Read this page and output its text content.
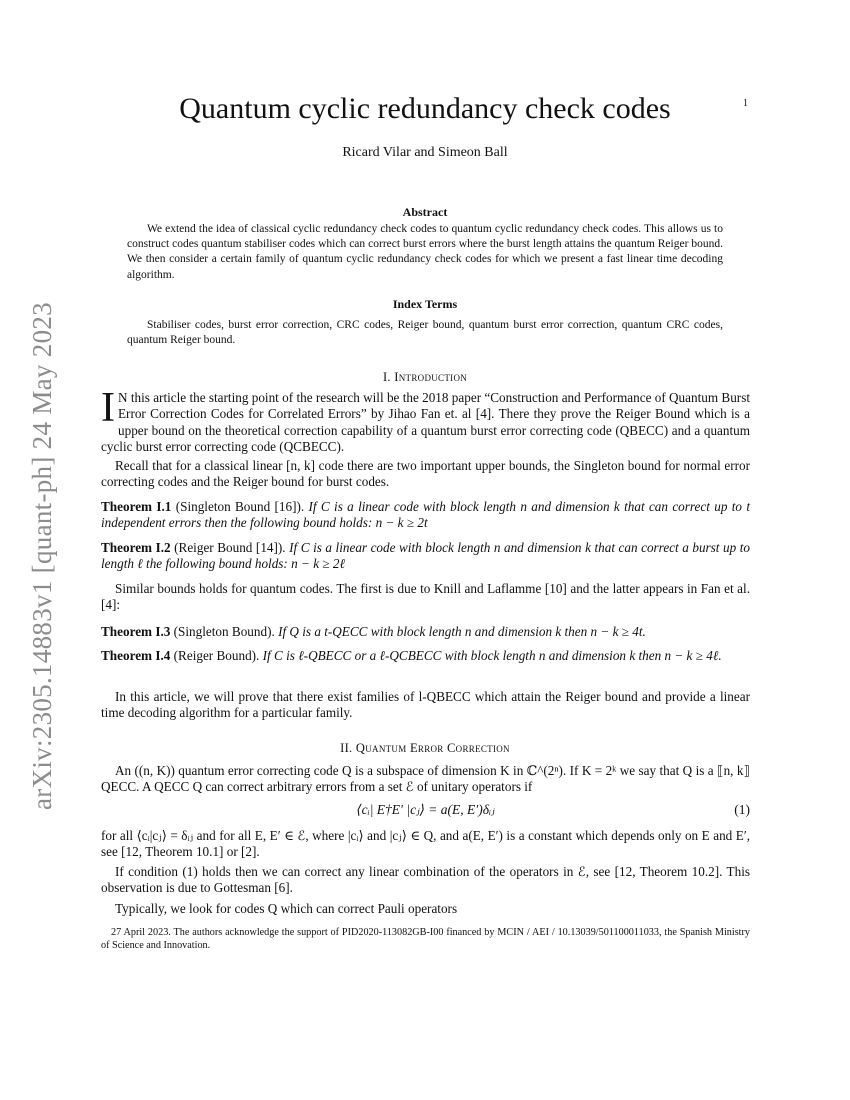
arXiv:2305.14883v1 [quant-ph] 24 May 2023
1
Quantum cyclic redundancy check codes
Ricard Vilar and Simeon Ball
Abstract

We extend the idea of classical cyclic redundancy check codes to quantum cyclic redundancy check codes. This allows us to construct codes quantum stabiliser codes which can correct burst errors where the burst length attains the quantum Reiger bound. We then consider a certain family of quantum cyclic redundancy check codes for which we present a fast linear time decoding algorithm.

Index Terms

Stabiliser codes, burst error correction, CRC codes, Reiger bound, quantum burst error correction, quantum CRC codes, quantum Reiger bound.

I. Introduction

I N this article the starting point of the research will be the 2018 paper “Construction and Performance of Quantum Burst Error Correction Codes for Correlated Errors” by Jihao Fan et. al [4]. There they prove the Reiger Bound which is a upper bound on the theoretical correction capability of a quantum burst error correcting code (QBECC) and a quantum cyclic burst error correcting code (QCBECC).

Recall that for a classical linear [n, k] code there are two important upper bounds, the Singleton bound for normal error correcting codes and the Reiger bound for burst codes.

Theorem I.1 (Singleton Bound [16]). If C is a linear code with block length n and dimension k that can correct up to t independent errors then the following bound holds: n − k ≥ 2t

Theorem I.2 (Reiger Bound [14]). If C is a linear code with block length n and dimension k that can correct a burst up to length ℓ the following bound holds: n − k ≥ 2ℓ

Similar bounds holds for quantum codes. The first is due to Knill and Laflamme [10] and the latter appears in Fan et al. [4]:

Theorem I.3 (Singleton Bound). If Q is a t-QECC with block length n and dimension k then n − k ≥ 4t.

Theorem I.4 (Reiger Bound). If C is ℓ-QBECC or a ℓ-QCBECC with block length n and dimension k then n − k ≥ 4ℓ.

In this article, we will prove that there exist families of l-QBECC which attain the Reiger bound and provide a linear time decoding algorithm for a particular family.

II. Quantum Error Correction

An ((n, K)) quantum error correcting code Q is a subspace of dimension K in ℂ^(2ⁿ). If K = 2ᵏ we say that Q is a ⟦n, k⟧ QECC. A QECC Q can correct arbitrary errors from a set ℰ of unitary operators if

⟨cᵢ| E†E′ |cⱼ⟩ = a(E, E′)δᵢⱼ	(1)

for all ⟨cᵢ|cⱼ⟩ = δᵢⱼ and for all E, E′ ∈ ℰ, where |cᵢ⟩ and |cⱼ⟩ ∈ Q, and a(E, E′) is a constant which depends only on E and E′, see [12, Theorem 10.1] or [2].

If condition (1) holds then we can correct any linear combination of the operators in ℰ, see [12, Theorem 10.2]. This observation is due to Gottesman [6].

Typically, we look for codes Q which can correct Pauli operators

27 April 2023. The authors acknowledge the support of PID2020-113082GB-I00 financed by MCIN / AEI / 10.13039/501100011033, the Spanish Ministry of Science and Innovation.
